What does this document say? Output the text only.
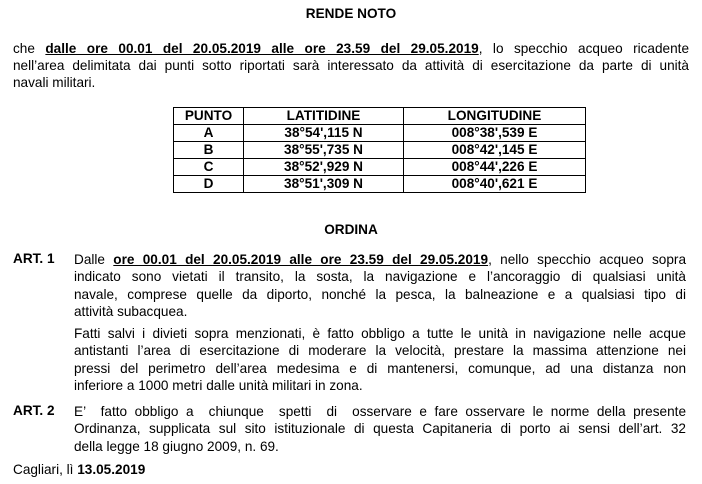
RENDE NOTO
che dalle ore 00.01 del 20.05.2019 alle ore 23.59 del 29.05.2019, lo specchio acqueo ricadente
nell’area delimitata dai punti sotto riportati sarà interessato da attività di esercitazione da parte di unità
navali militari.
PUNTO	LATITIDINE	LONGITUDINE
A	38°54',115 N	008°38',539 E
B	38°55',735 N	008°42',145 E
C	38°52',929 N	008°44',226 E
D	38°51',309 N	008°40',621 E
ORDINA
ART. 1 Dalle ore 00.01 del 20.05.2019 alle ore 23.59 del 29.05.2019, nello specchio acqueo sopra
indicato sono vietati il transito, la sosta, la navigazione e l’ancoraggio di qualsiasi unità
navale, comprese quelle da diporto, nonché la pesca, la balneazione e a qualsiasi tipo di
attività subacquea.
Fatti salvi i divieti sopra menzionati, è fatto obbligo a tutte le unità in navigazione nelle acque
antistanti l’area di esercitazione di moderare la velocità, prestare la massima attenzione nei
pressi del perimetro dell’area medesima e di mantenersi, comunque, ad una distanza non
inferiore a 1000 metri dalle unità militari in zona.
ART. 2 E’  fatto obbligo a  chiunque  spetti  di  osservare e fare osservare le norme della presente
Ordinanza, supplicata sul sito istituzionale di questa Capitaneria di porto ai sensi dell’art. 32
della legge 18 giugno 2009, n. 69.
Cagliari, lì 13.05.2019
